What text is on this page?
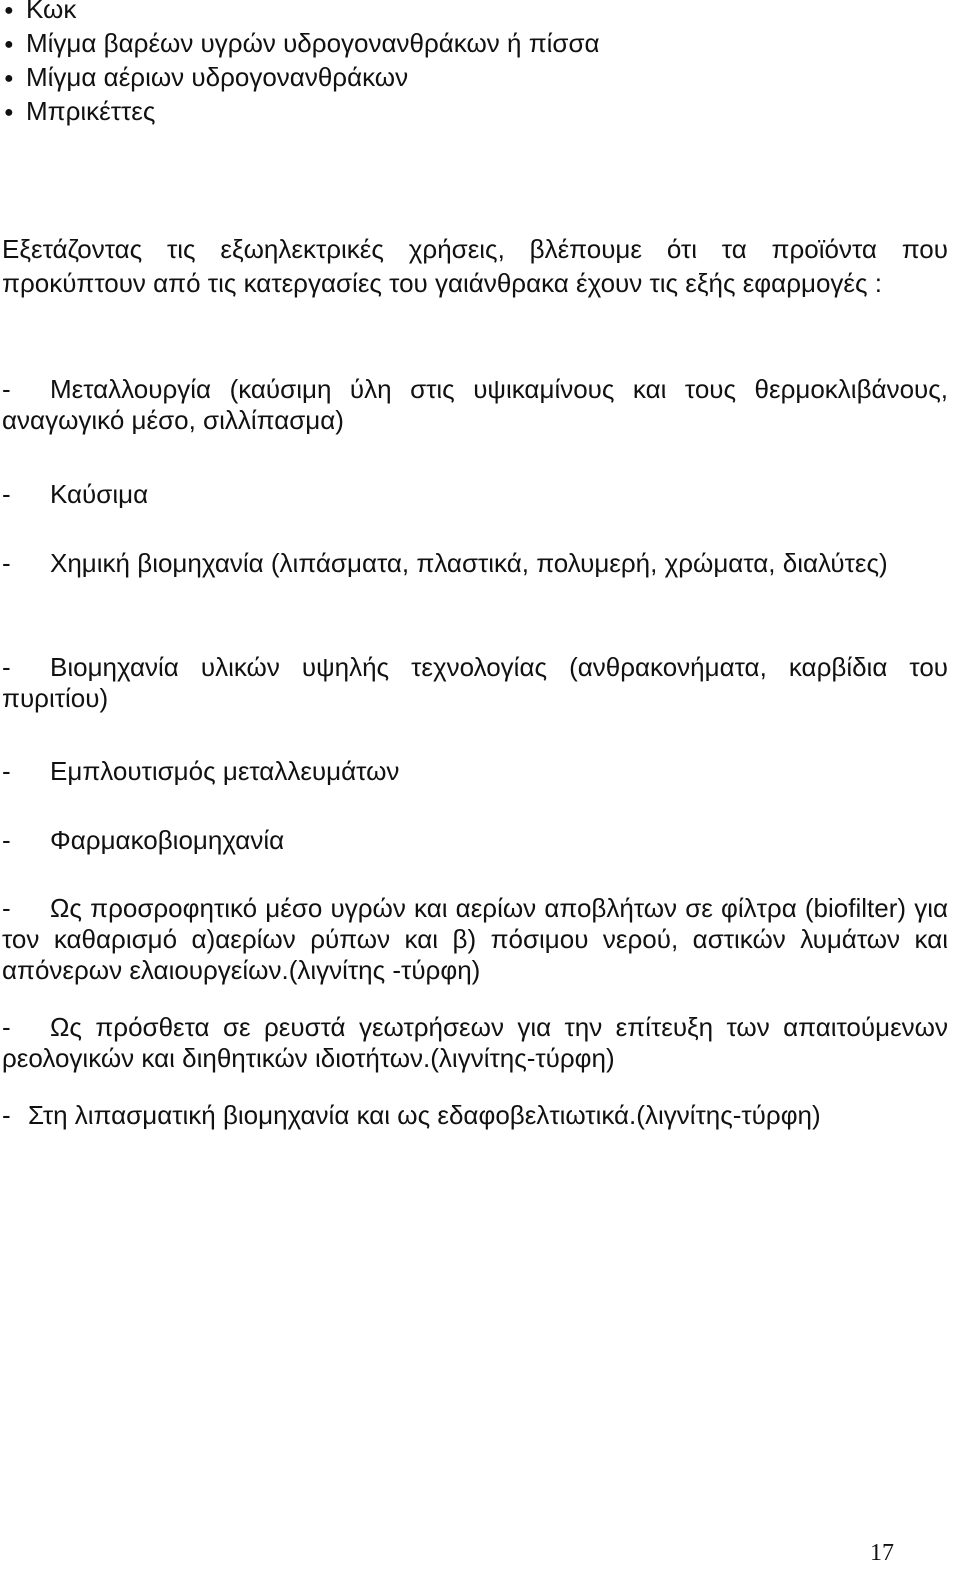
● Κωκ
● Μίγμα βαρέων υγρών υδρογονανθράκων ή πίσσα
● Μίγμα αέριων υδρογονανθράκων
● Μπρικέττες

Εξετάζοντας τις εξωηλεκτρικές χρήσεις, βλέπουμε ότι τα προϊόντα που προκύπτουν από τις κατεργασίες του γαιάνθρακα έχουν τις εξής εφαρμογές :

- Μεταλλουργία (καύσιμη ύλη στις υψικαμίνους και τους θερμοκλιβάνους, αναγωγικό μέσο, σιλλίπασμα)

- Καύσιμα

- Χημική βιομηχανία (λιπάσματα, πλαστικά, πολυμερή, χρώματα, διαλύτες)

- Βιομηχανία υλικών υψηλής τεχνολογίας (ανθρακονήματα, καρβίδια του πυριτίου)

- Εμπλουτισμός μεταλλευμάτων

- Φαρμακοβιομηχανία

- Ως προσροφητικό μέσο υγρών και αερίων αποβλήτων σε φίλτρα (biofilter) για τον καθαρισμό α)αερίων ρύπων και β) πόσιμου νερού, αστικών λυμάτων και απόνερων ελαιουργείων.(λιγνίτης -τύρφη)

- Ως πρόσθετα σε ρευστά γεωτρήσεων για την επίτευξη των απαιτούμενων ρεολογικών και διηθητικών ιδιοτήτων.(λιγνίτης-τύρφη)

- Στη λιπασματική βιομηχανία και ως εδαφοβελτιωτικά.(λιγνίτης-τύρφη)

17
